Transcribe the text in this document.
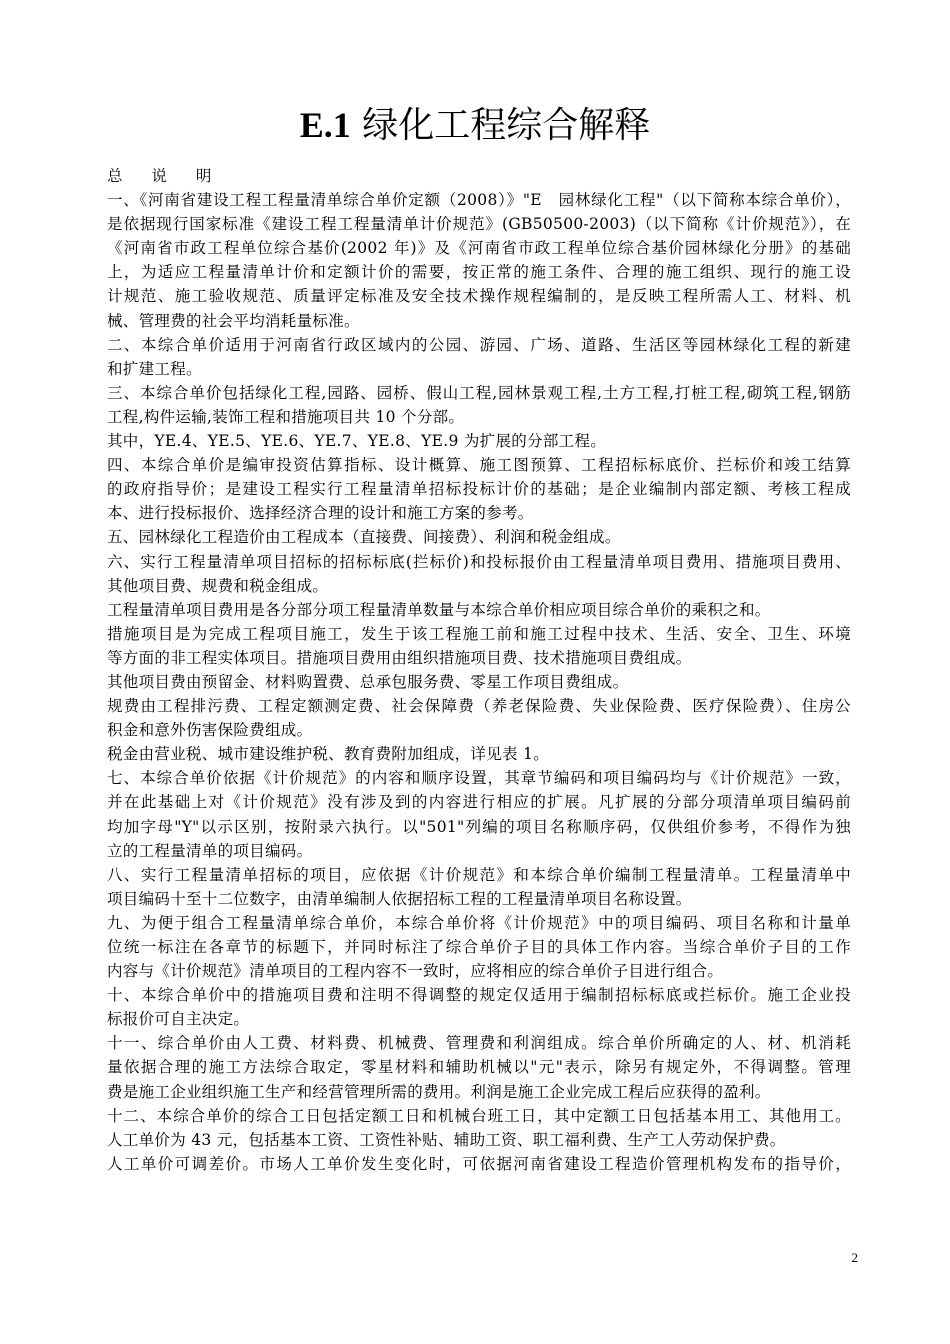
E.1 绿化工程综合解释
总 说 明
一、《河南省建设工程工程量清单综合单价定额（2008）》"E　园林绿化工程"（以下简称本综合单价），
是依据现行国家标准《建设工程工程量清单计价规范》(GB50500-2003)（以下简称《计价规范》），在
《河南省市政工程单位综合基价(2002 年)》及《河南省市政工程单位综合基价园林绿化分册》的基础
上，为适应工程量清单计价和定额计价的需要，按正常的施工条件、合理的施工组织、现行的施工设
计规范、施工验收规范、质量评定标准及安全技术操作规程编制的，是反映工程所需人工、材料、机
械、管理费的社会平均消耗量标准。
二、本综合单价适用于河南省行政区域内的公园、游园、广场、道路、生活区等园林绿化工程的新建
和扩建工程。
三、本综合单价包括绿化工程,园路、园桥、假山工程,园林景观工程,土方工程,打桩工程,砌筑工程,钢筋
工程,构件运输,装饰工程和措施项目共 10 个分部。
其中，YE.4、YE.5、YE.6、YE.7、YE.8、YE.9 为扩展的分部工程。
四、本综合单价是编审投资估算指标、设计概算、施工图预算、工程招标标底价、拦标价和竣工结算
的政府指导价；是建设工程实行工程量清单招标投标计价的基础；是企业编制内部定额、考核工程成
本、进行投标报价、选择经济合理的设计和施工方案的参考。
五、园林绿化工程造价由工程成本（直接费、间接费）、利润和税金组成。
六、实行工程量清单项目招标的招标标底(拦标价)和投标报价由工程量清单项目费用、措施项目费用、
其他项目费、规费和税金组成。
工程量清单项目费用是各分部分项工程量清单数量与本综合单价相应项目综合单价的乘积之和。
措施项目是为完成工程项目施工，发生于该工程施工前和施工过程中技术、生活、安全、卫生、环境
等方面的非工程实体项目。措施项目费用由组织措施项目费、技术措施项目费组成。
其他项目费由预留金、材料购置费、总承包服务费、零星工作项目费组成。
规费由工程排污费、工程定额测定费、社会保障费（养老保险费、失业保险费、医疗保险费）、住房公
积金和意外伤害保险费组成。
税金由营业税、城市建设维护税、教育费附加组成，详见表 1。
七、本综合单价依据《计价规范》的内容和顺序设置，其章节编码和项目编码均与《计价规范》一致，
并在此基础上对《计价规范》没有涉及到的内容进行相应的扩展。凡扩展的分部分项清单项目编码前
均加字母"Y"以示区别，按附录六执行。以"501"列编的项目名称顺序码，仅供组价参考，不得作为独
立的工程量清单的项目编码。
八、实行工程量清单招标的项目，应依据《计价规范》和本综合单价编制工程量清单。工程量清单中
项目编码十至十二位数字，由清单编制人依据招标工程的工程量清单项目名称设置。
九、为便于组合工程量清单综合单价，本综合单价将《计价规范》中的项目编码、项目名称和计量单
位统一标注在各章节的标题下，并同时标注了综合单价子目的具体工作内容。当综合单价子目的工作
内容与《计价规范》清单项目的工程内容不一致时，应将相应的综合单价子目进行组合。
十、本综合单价中的措施项目费和注明不得调整的规定仅适用于编制招标标底或拦标价。施工企业投
标报价可自主决定。
十一、综合单价由人工费、材料费、机械费、管理费和利润组成。综合单价所确定的人、材、机消耗
量依据合理的施工方法综合取定，零星材料和辅助机械以"元"表示，除另有规定外，不得调整。管理
费是施工企业组织施工生产和经营管理所需的费用。利润是施工企业完成工程后应获得的盈利。
十二、本综合单价的综合工日包括定额工日和机械台班工日，其中定额工日包括基本用工、其他用工。
人工单价为 43 元，包括基本工资、工资性补贴、辅助工资、职工福利费、生产工人劳动保护费。
人工单价可调差价。市场人工单价发生变化时，可依据河南省建设工程造价管理机构发布的指导价，
2
